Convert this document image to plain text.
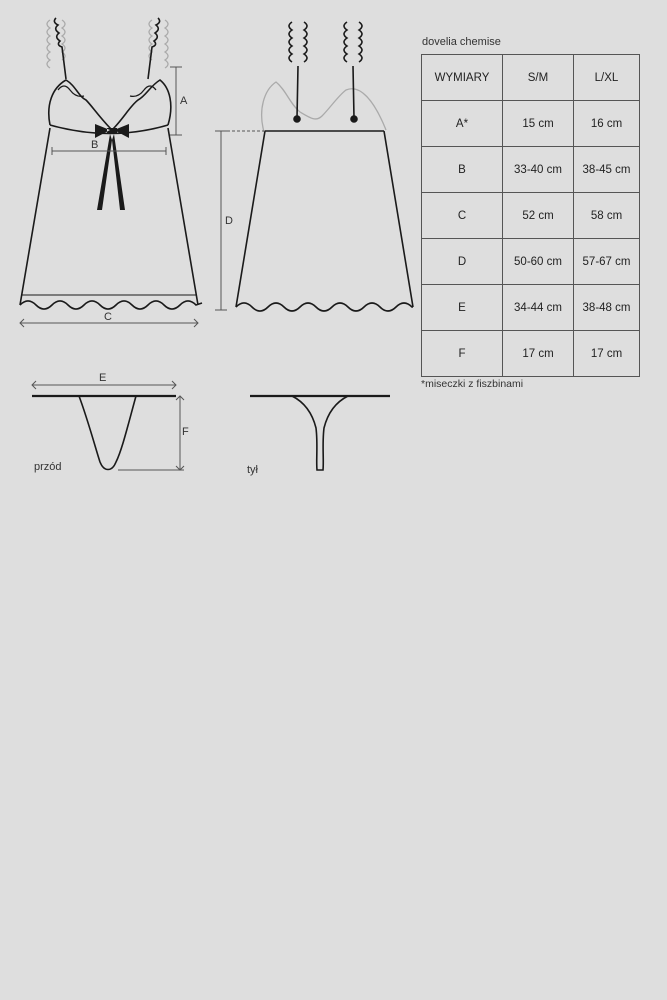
A
B
C
D
E
F
przód	tył
dovelia chemise
WYMIARY	S/M	L/XL
A*	15 cm	16 cm
B	33-40 cm	38-45 cm
C	52 cm	58 cm
D	50-60 cm	57-67 cm
E	34-44 cm	38-48 cm
F	17 cm	17 cm
*miseczki z fiszbinami
